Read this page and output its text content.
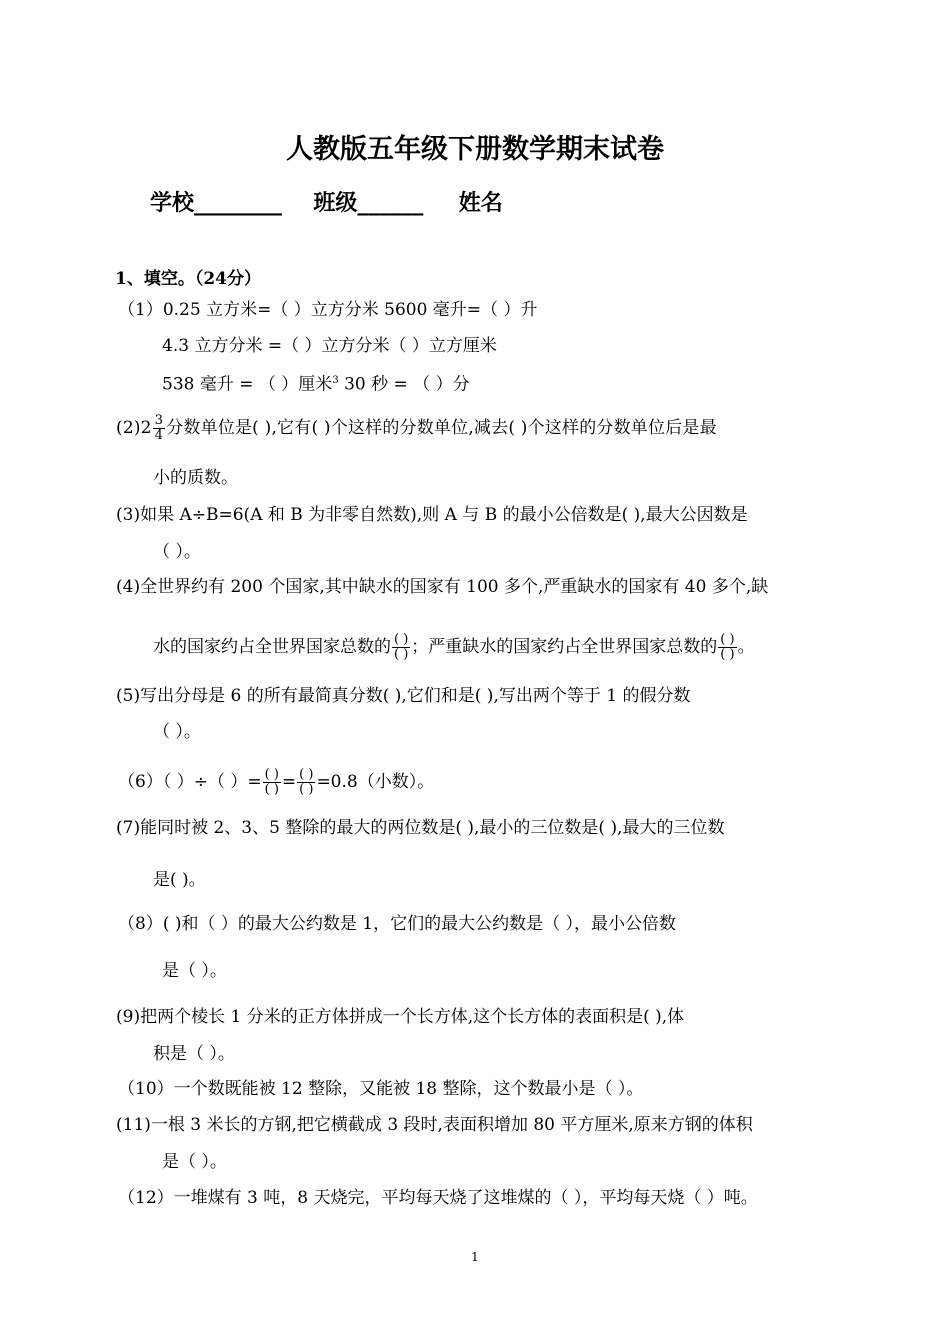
人教版五年级下册数学期末试卷
学校________ 班级______ 姓名
1、填空。（24分）
（1）0.25 立方米=（ ）立方分米 5600 毫升=（ ）升
4.3 立方分米 =（ ）立方分米（ ）立方厘米
538 毫升 = （ ）厘米$^3$ 30 秒 = （ ）分
$(2)2 \frac{3}{4}$ 分数单位是( ),它有( )个这样的分数单位,减去( )个这样的分数单位后是最
小的质数。
(3)如果 A÷B=6(A 和 B 为非零自然数),则 A 与 B 的最小公倍数是( ),最大公因数是
（ ）。
(4)全世界约有 200 个国家,其中缺水的国家有 100 多个,严重缺水的国家有 40 多个,缺
水的国家约占全世界国家总数的 $\frac{( )}{( )}$ ；严重缺水的国家约占全世界国家总数的 $\frac{( )}{( )}$ 。
(5)写出分母是 6 的所有最简真分数( ),它们和是( ),写出两个等于 1 的假分数
（ ）。
（6）（ ）÷（ ）= $\frac{( )}{( )} = \frac{( )}{( )} =0.8$（小数）。
(7)能同时被 2、3、5 整除的最大的两位数是( ),最小的三位数是( ),最大的三位数
是( )。
（8）( )和（ ）的最大公约数是 1，它们的最大公约数是（ ），最小公倍数
是（ ）。
(9)把两个棱长 1 分米的正方体拼成一个长方体,这个长方体的表面积是( ),体
积是（ ）。
（10）一个数既能被 12 整除，又能被 18 整除，这个数最小是（ ）。
(11)一根 3 米长的方钢,把它横截成 3 段时,表面积增加 80 平方厘米,原来方钢的体积
是（ ）。
（12）一堆煤有 3 吨，8 天烧完，平均每天烧了这堆煤的（ ），平均每天烧（ ）吨。
1
